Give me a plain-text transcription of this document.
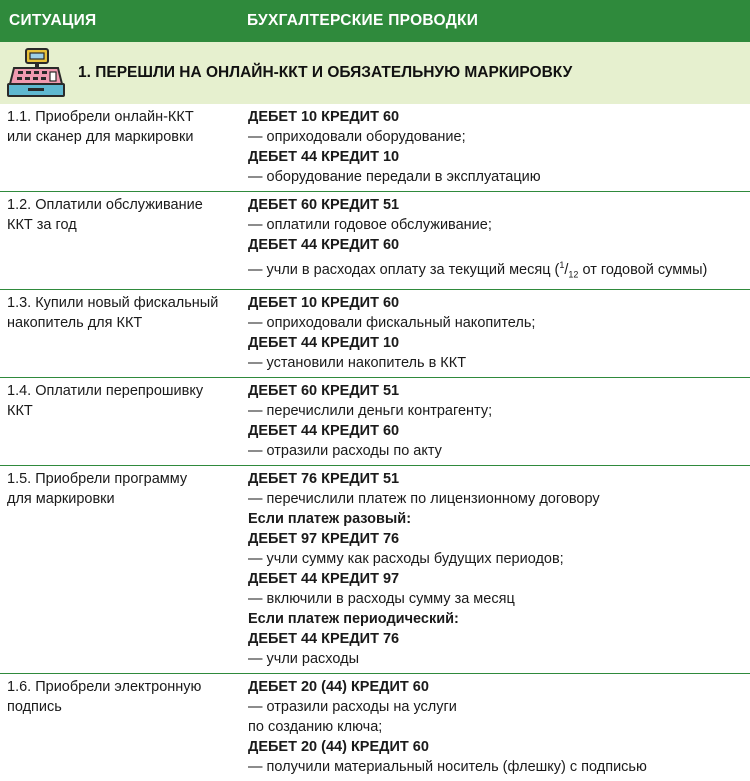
СИТУАЦИЯ	БУХГАЛТЕРСКИЕ ПРОВОДКИ
1. ПЕРЕШЛИ НА ОНЛАЙН-ККТ И ОБЯЗАТЕЛЬНУЮ МАРКИРОВКУ
1.1. Приобрели онлайн-ККТ
или сканер для маркировки
ДЕБЕТ 10 КРЕДИТ 60
— оприходовали оборудование;
ДЕБЕТ 44 КРЕДИТ 10
— оборудование передали в эксплуатацию
1.2. Оплатили обслуживание
ККТ за год
ДЕБЕТ 60 КРЕДИТ 51
— оплатили годовое обслуживание;
ДЕБЕТ 44 КРЕДИТ 60
— учли в расходах оплату за текущий месяц ($^1/_{12}$ от годовой суммы)
1.3. Купили новый фискальный
накопитель для ККТ
ДЕБЕТ 10 КРЕДИТ 60
— оприходовали фискальный накопитель;
ДЕБЕТ 44 КРЕДИТ 10
— установили накопитель в ККТ
1.4. Оплатили перепрошивку
ККТ
ДЕБЕТ 60 КРЕДИТ 51
— перечислили деньги контрагенту;
ДЕБЕТ 44 КРЕДИТ 60
— отразили расходы по акту
1.5. Приобрели программу
для маркировки
ДЕБЕТ 76 КРЕДИТ 51
— перечислили платеж по лицензионному договору
Если платеж разовый:
ДЕБЕТ 97 КРЕДИТ 76
— учли сумму как расходы будущих периодов;
ДЕБЕТ 44 КРЕДИТ 97
— включили в расходы сумму за месяц
Если платеж периодический:
ДЕБЕТ 44 КРЕДИТ 76
— учли расходы
1.6. Приобрели электронную
подпись
ДЕБЕТ 20 (44) КРЕДИТ 60
— отразили расходы на услуги
по созданию ключа;
ДЕБЕТ 20 (44) КРЕДИТ 60
— получили материальный носитель (флешку) с подписью
